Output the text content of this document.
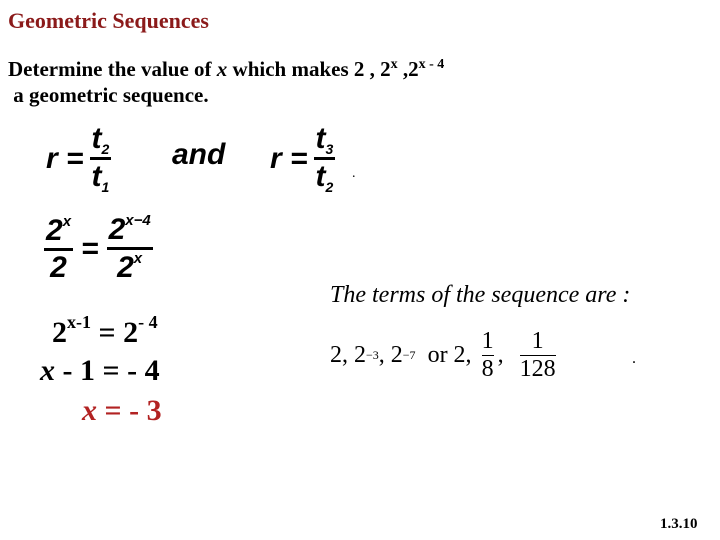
Geometric Sequences
Determine the value of x which makes 2 , 2$^x$ ,2$^{x - 4}$
a geometric sequence.
$r = \frac{t_2}{t_1}$ and $r = \frac{t_3}{t_2}$ .
$\frac{2^x}{2} = \frac{2^{x-4}}{2^x}$
$2^{x-1} = 2^{- 4}$
x - 1 = - 4
x = - 3
The terms of the sequence are :
2, 2 −3 , 2 −7 or 2,
1
8
,
1
128	.
1.3.10
